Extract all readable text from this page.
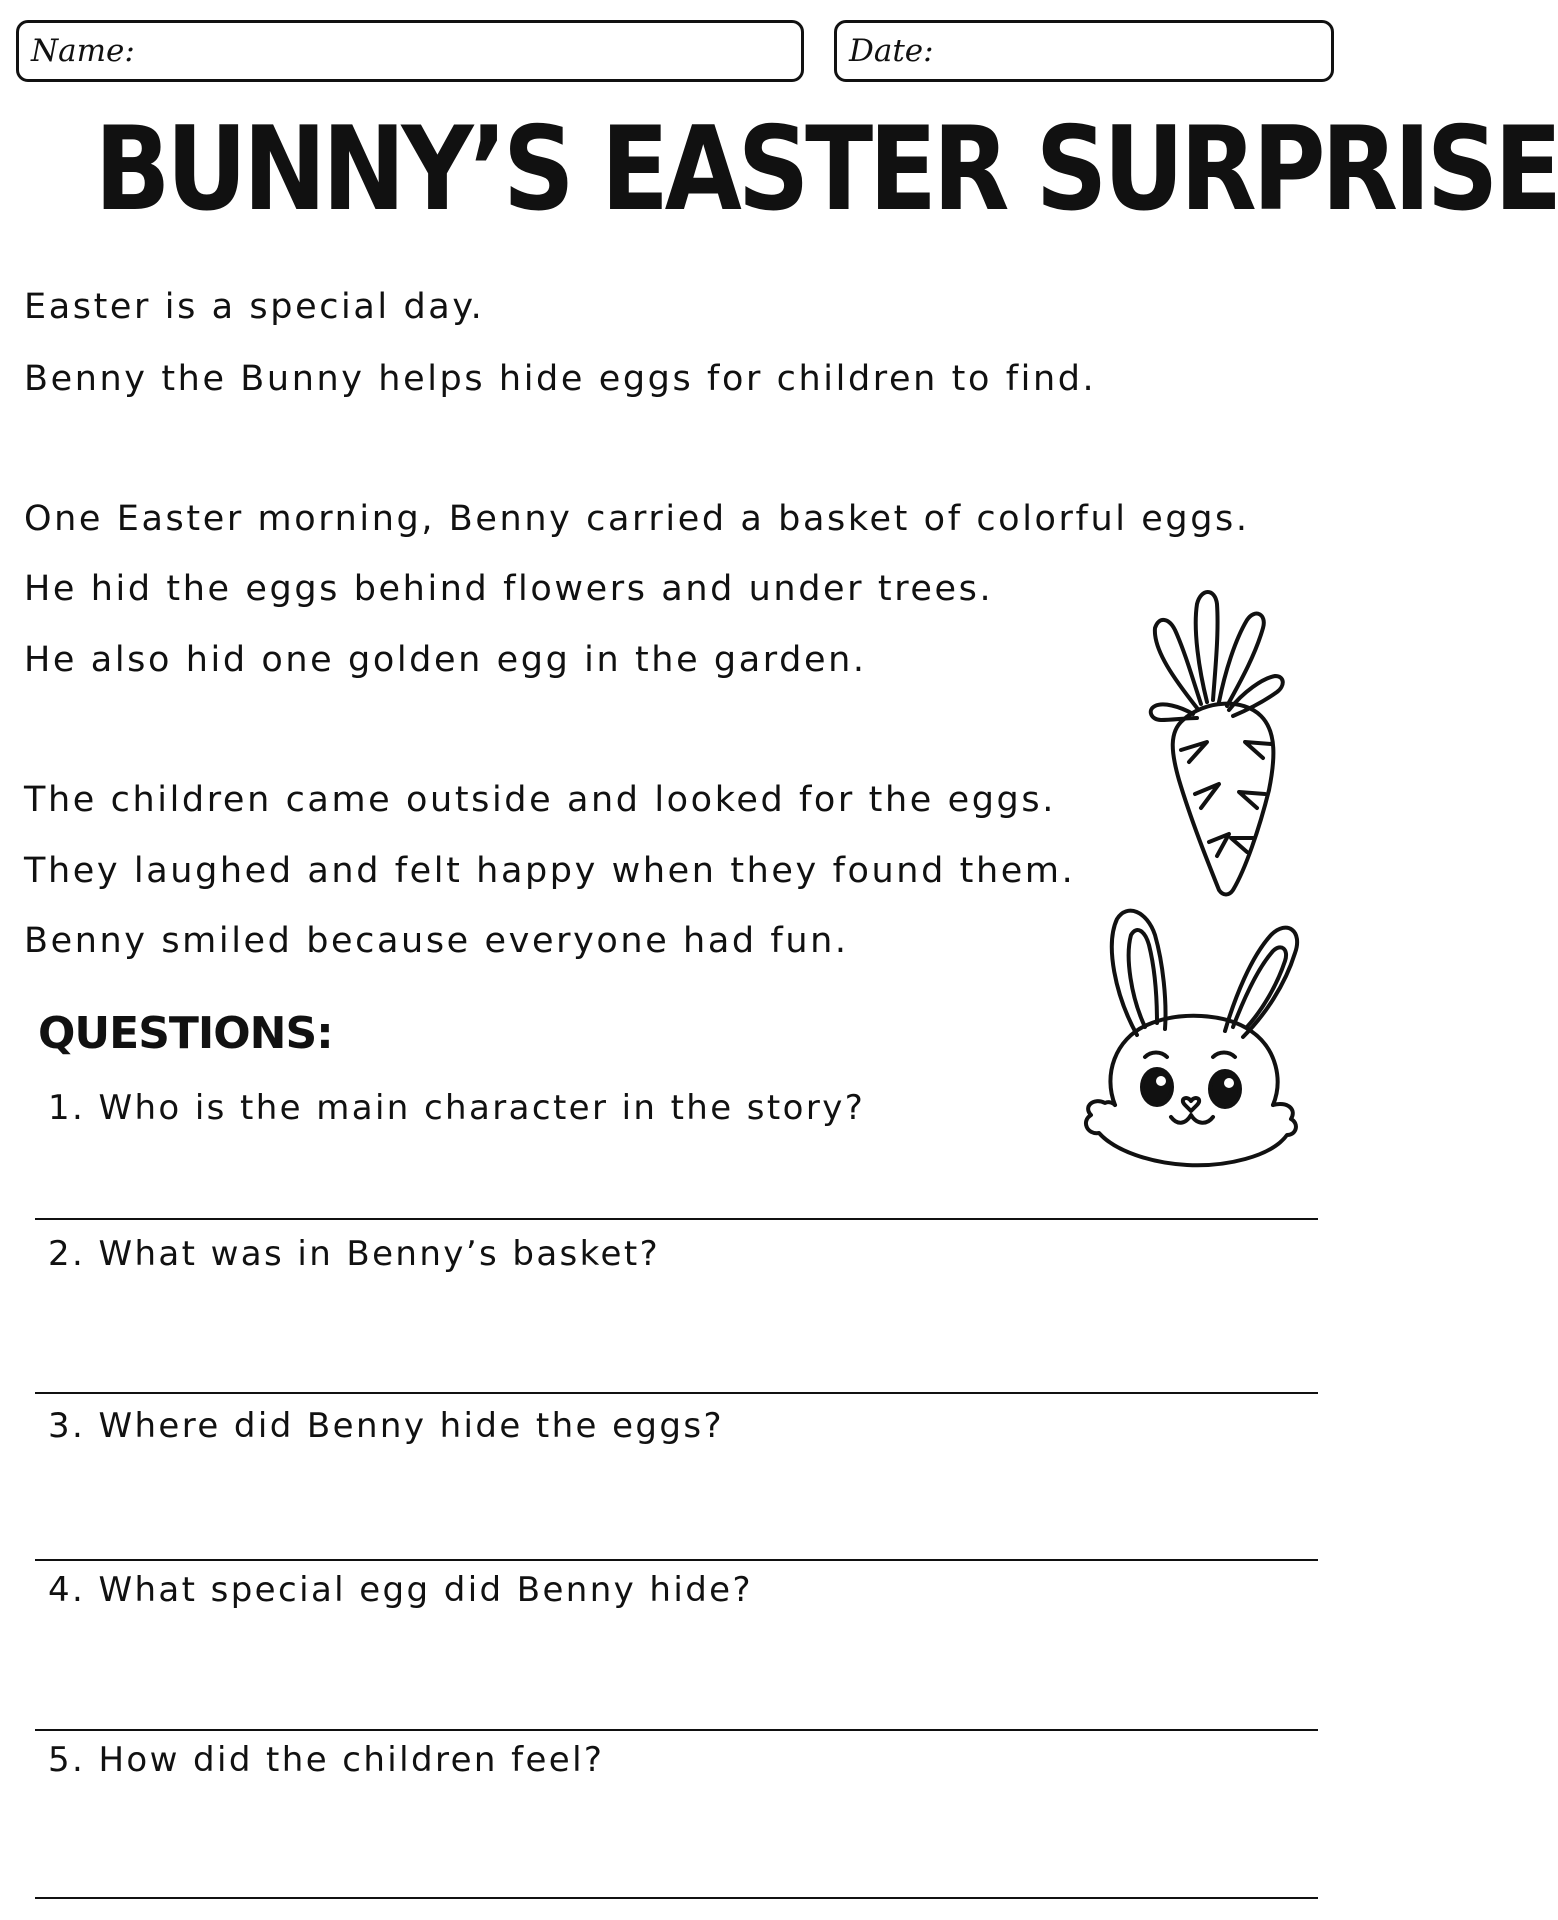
Name:	Date:
BUNNY’S EASTER SURPRISE
Easter is a special day.
Benny the Bunny helps hide eggs for children to find.
One Easter morning, Benny carried a basket of colorful eggs.
He hid the eggs behind flowers and under trees.
He also hid one golden egg in the garden.
The children came outside and looked for the eggs.
They laughed and felt happy when they found them.
Benny smiled because everyone had fun.
QUESTIONS:
1. Who is the main character in the story?
2. What was in Benny’s basket?
3. Where did Benny hide the eggs?
4. What special egg did Benny hide?
5. How did the children feel?
